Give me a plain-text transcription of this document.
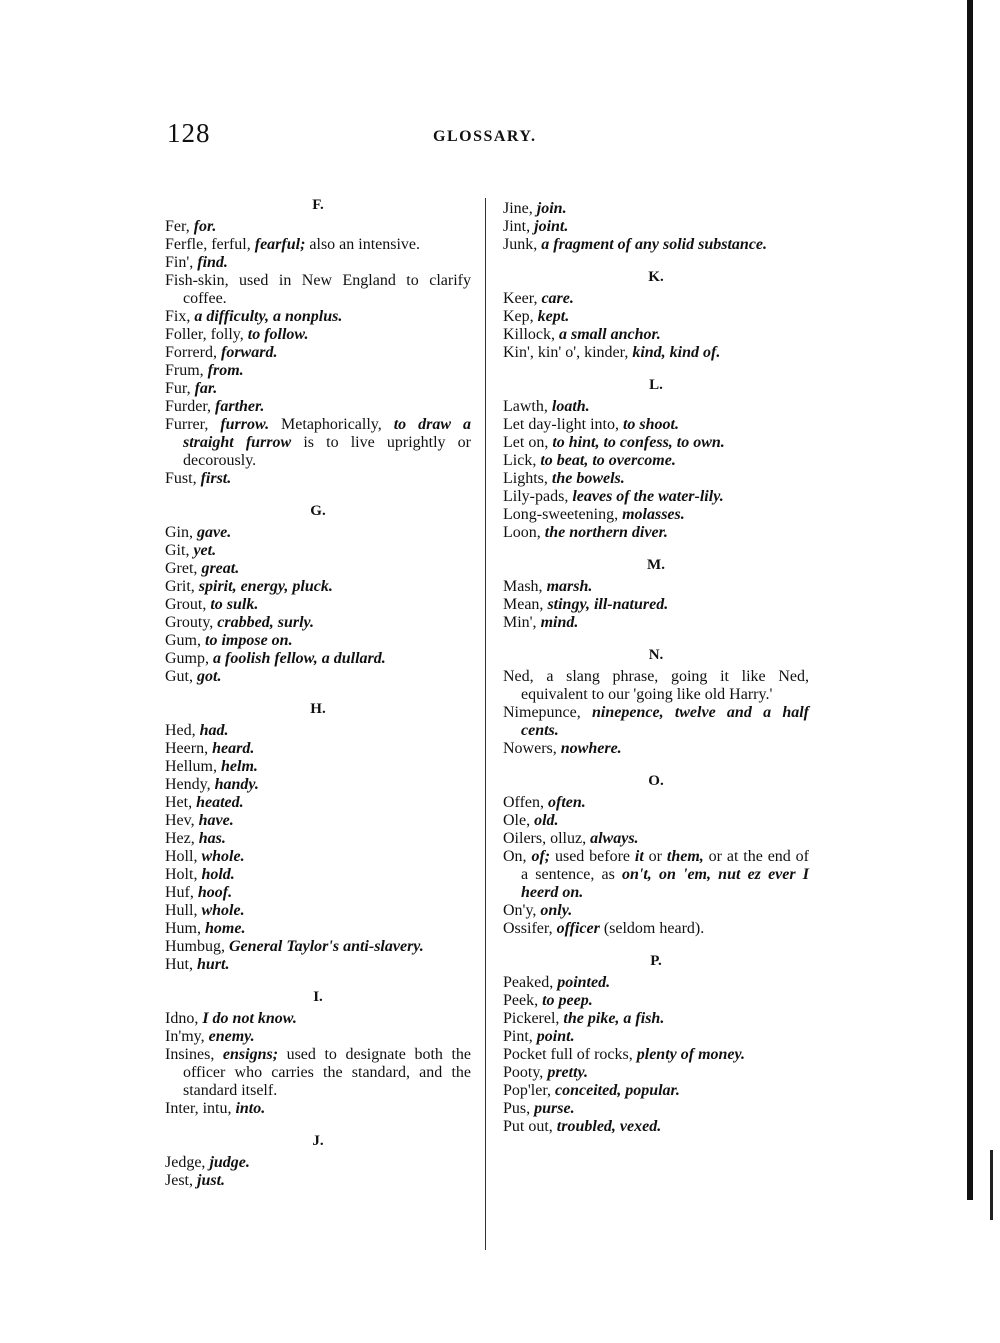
128	GLOSSARY.

F.

Fer, for.

Ferfle, ferful, fearful; also an intensive.

Fin', find.

Fish-skin, used in New England to clarify coffee.

Fix, a difficulty, a nonplus.

Foller, folly, to follow.

Forrerd, forward.

Frum, from.

Fur, far.

Furder, farther.

Furrer, furrow. Metaphorically, to draw a straight furrow is to live uprightly or decorously.

Fust, first.

G.

Gin, gave.

Git, yet.

Gret, great.

Grit, spirit, energy, pluck.

Grout, to sulk.

Grouty, crabbed, surly.

Gum, to impose on.

Gump, a foolish fellow, a dullard.

Gut, got.

H.

Hed, had.

Heern, heard.

Hellum, helm.

Hendy, handy.

Het, heated.

Hev, have.

Hez, has.

Holl, whole.

Holt, hold.

Huf, hoof.

Hull, whole.

Hum, home.

Humbug, General Taylor's anti-slavery.

Hut, hurt.

I.

Idno, I do not know.

In'my, enemy.

Insines, ensigns; used to designate both the officer who carries the standard, and the standard itself.

Inter, intu, into.

J.

Jedge, judge.

Jest, just.

Jine, join.

Jint, joint.

Junk, a fragment of any solid substance.

K.

Keer, care.

Kep, kept.

Killock, a small anchor.

Kin', kin' o', kinder, kind, kind of.

L.

Lawth, loath.

Let day-light into, to shoot.

Let on, to hint, to confess, to own.

Lick, to beat, to overcome.

Lights, the bowels.

Lily-pads, leaves of the water-lily.

Long-sweetening, molasses.

Loon, the northern diver.

M.

Mash, marsh.

Mean, stingy, ill-natured.

Min', mind.

N.

Ned, a slang phrase, going it like Ned, equivalent to our 'going like old Harry.'

Nimepunce, ninepence, twelve and a half cents.

Nowers, nowhere.

O.

Offen, often.

Ole, old.

Oilers, olluz, always.

On, of; used before it or them, or at the end of a sentence, as on't, on 'em, nut ez ever I heerd on.

On'y, only.

Ossifer, officer (seldom heard).

P.

Peaked, pointed.

Peek, to peep.

Pickerel, the pike, a fish.

Pint, point.

Pocket full of rocks, plenty of money.

Pooty, pretty.

Pop'ler, conceited, popular.

Pus, purse.

Put out, troubled, vexed.
